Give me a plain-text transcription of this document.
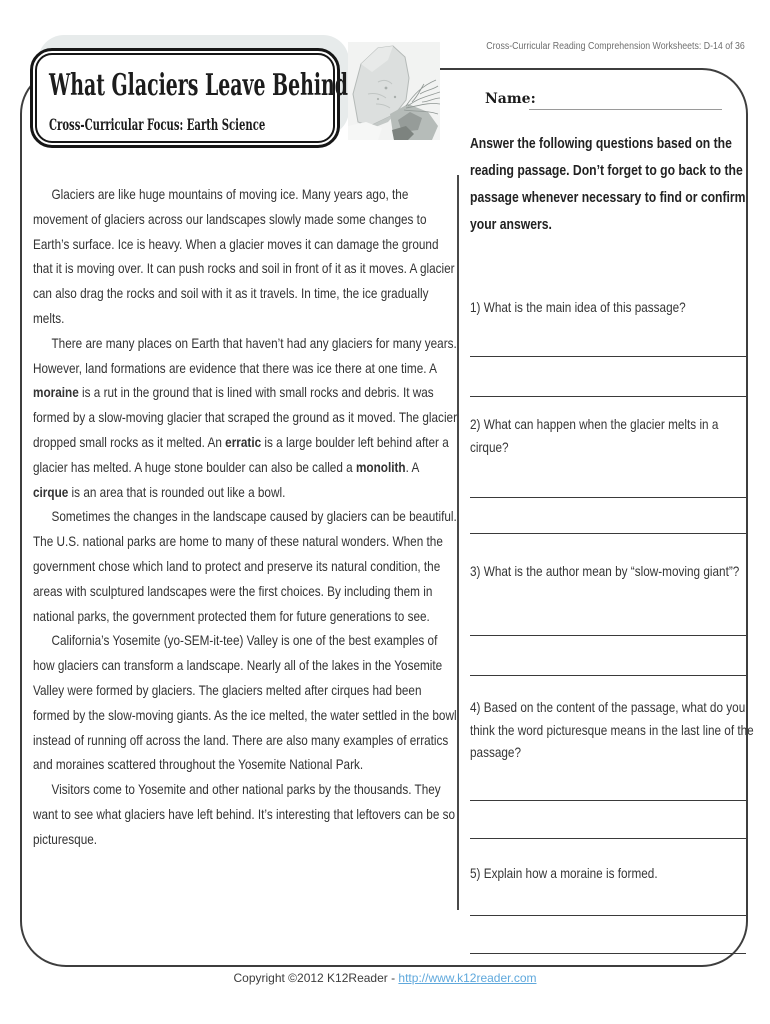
Cross-Curricular Reading Comprehension Worksheets: D-14 of 36
What Glaciers Leave Behind
Cross-Curricular Focus: Earth Science
Name:
Answer the following questions based on the reading passage. Don’t forget to go back to the passage whenever necessary to find or confirm your answers.

Glaciers are like huge mountains of moving ice. Many years ago, the movement of glaciers across our landscapes slowly made some changes to Earth’s surface. Ice is heavy. When a glacier moves it can damage the ground that it is moving over. It can push rocks and soil in front of it as it moves. A glacier can also drag the rocks and soil with it as it travels. In time, the ice gradually melts.

There are many places on Earth that haven’t had any glaciers for many years. However, land formations are evidence that there was ice there at one time. A moraine is a rut in the ground that is lined with small rocks and debris. It was formed by a slow-moving glacier that scraped the ground as it moved. The glacier dropped small rocks as it melted. An erratic is a large boulder left behind after a glacier has melted. A huge stone boulder can also be called a monolith. A cirque is an area that is rounded out like a bowl.

Sometimes the changes in the landscape caused by glaciers can be beautiful. The U.S. national parks are home to many of these natural wonders. When the government chose which land to protect and preserve its natural condition, the areas with sculptured landscapes were the first choices. By including them in national parks, the government protected them for future generations to see.

California’s Yosemite (yo-SEM-it-tee) Valley is one of the best examples of how glaciers can transform a landscape. Nearly all of the lakes in the Yosemite Valley were formed by glaciers. The glaciers melted after cirques had been formed by the slow-moving giants. As the ice melted, the water settled in the bowl instead of running off across the land. There are also many examples of erratics and moraines scattered throughout the Yosemite National Park.

Visitors come to Yosemite and other national parks by the thousands. They want to see what glaciers have left behind. It’s interesting that leftovers can be so picturesque.

1) What is the main idea of this passage?
2) What can happen when the glacier melts in a cirque?
3) What is the author mean by “slow-moving giant”?
4) Based on the content of the passage, what do you think the word picturesque means in the last line of the passage?
5) Explain how a moraine is formed.
Copyright ©2012 K12Reader - http://www.k12reader.com
